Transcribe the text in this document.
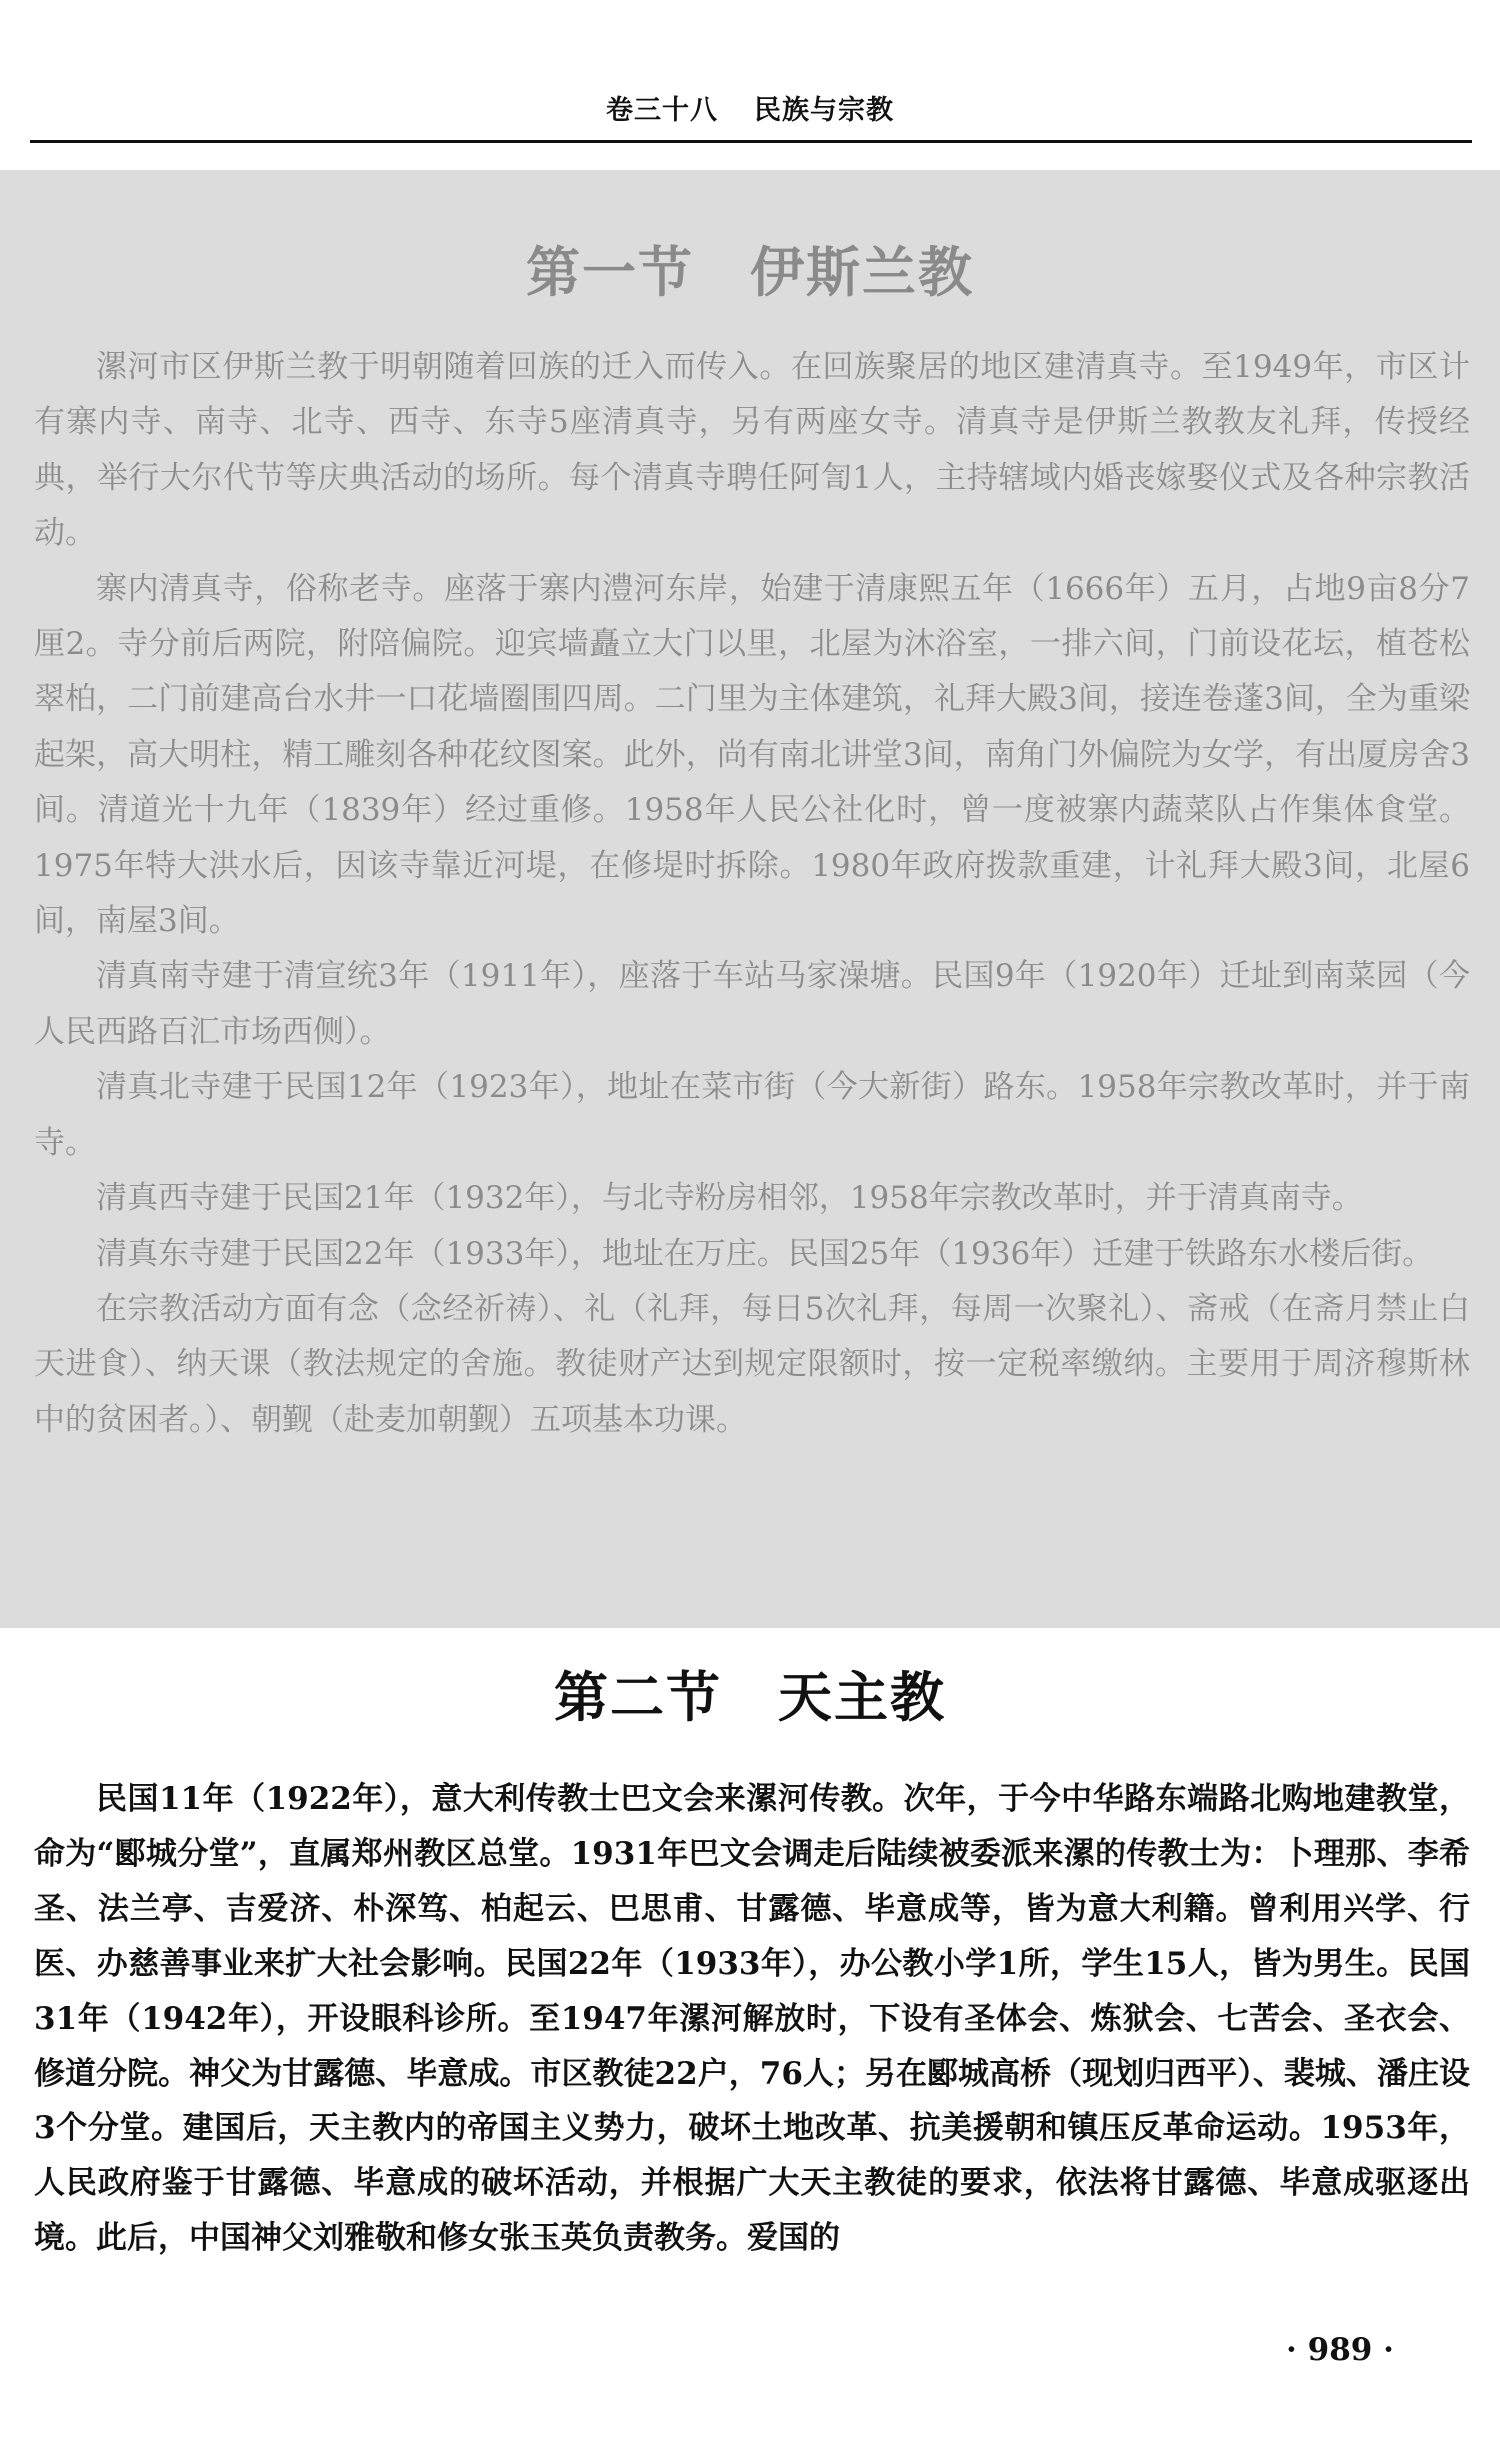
卷三十八 民族与宗教
第一节 伊斯兰教

漯河市区伊斯兰教于明朝随着回族的迁入而传入。在回族聚居的地区建清真寺。至1949年，市区计有寨内寺、南寺、北寺、西寺、东寺5座清真寺，另有两座女寺。清真寺是伊斯兰教教友礼拜，传授经典，举行大尔代节等庆典活动的场所。每个清真寺聘任阿訇1人，主持辖域内婚丧嫁娶仪式及各种宗教活动。

寨内清真寺，俗称老寺。座落于寨内澧河东岸，始建于清康熙五年（1666年）五月，占地9亩8分7厘2。寺分前后两院，附陪偏院。迎宾墙矗立大门以里，北屋为沐浴室，一排六间，门前设花坛，植苍松翠柏，二门前建高台水井一口花墙圈围四周。二门里为主体建筑，礼拜大殿3间，接连卷蓬3间，全为重梁起架，高大明柱，精工雕刻各种花纹图案。此外，尚有南北讲堂3间，南角门外偏院为女学，有出厦房舍3间。清道光十九年（1839年）经过重修。1958年人民公社化时，曾一度被寨内蔬菜队占作集体食堂。1975年特大洪水后，因该寺靠近河堤，在修堤时拆除。1980年政府拨款重建，计礼拜大殿3间，北屋6间，南屋3间。

清真南寺建于清宣统3年（1911年），座落于车站马家澡塘。民国9年（1920年）迁址到南菜园（今人民西路百汇市场西侧）。

清真北寺建于民国12年（1923年），地址在菜市街（今大新街）路东。1958年宗教改革时，并于南寺。

清真西寺建于民国21年（1932年），与北寺粉房相邻，1958年宗教改革时，并于清真南寺。

清真东寺建于民国22年（1933年），地址在万庄。民国25年（1936年）迁建于铁路东水楼后街。

在宗教活动方面有念（念经祈祷）、礼（礼拜，每日5次礼拜，每周一次聚礼）、斋戒（在斋月禁止白天进食）、纳天课（教法规定的舍施。教徒财产达到规定限额时，按一定税率缴纳。主要用于周济穆斯林中的贫困者。）、朝觐（赴麦加朝觐）五项基本功课。

第二节 天主教

民国11年（1922年），意大利传教士巴文会来漯河传教。次年，于今中华路东端路北购地建教堂，命为“郾城分堂”，直属郑州教区总堂。1931年巴文会调走后陆续被委派来漯的传教士为：卜理那、李希圣、法兰亭、吉爱济、朴深笃、柏起云、巴思甫、甘露德、毕意成等，皆为意大利籍。曾利用兴学、行医、办慈善事业来扩大社会影响。民国22年（1933年），办公教小学1所，学生15人，皆为男生。民国31年（1942年），开设眼科诊所。至1947年漯河解放时，下设有圣体会、炼狱会、七苦会、圣衣会、修道分院。神父为甘露德、毕意成。市区教徒22户，76人；另在郾城高桥（现划归西平）、裴城、潘庄设3个分堂。建国后，天主教内的帝国主义势力，破坏土地改革、抗美援朝和镇压反革命运动。1953年，人民政府鉴于甘露德、毕意成的破坏活动，并根据广大天主教徒的要求，依法将甘露德、毕意成驱逐出境。此后，中国神父刘雅敬和修女张玉英负责教务。爱国的

· 989 ·
